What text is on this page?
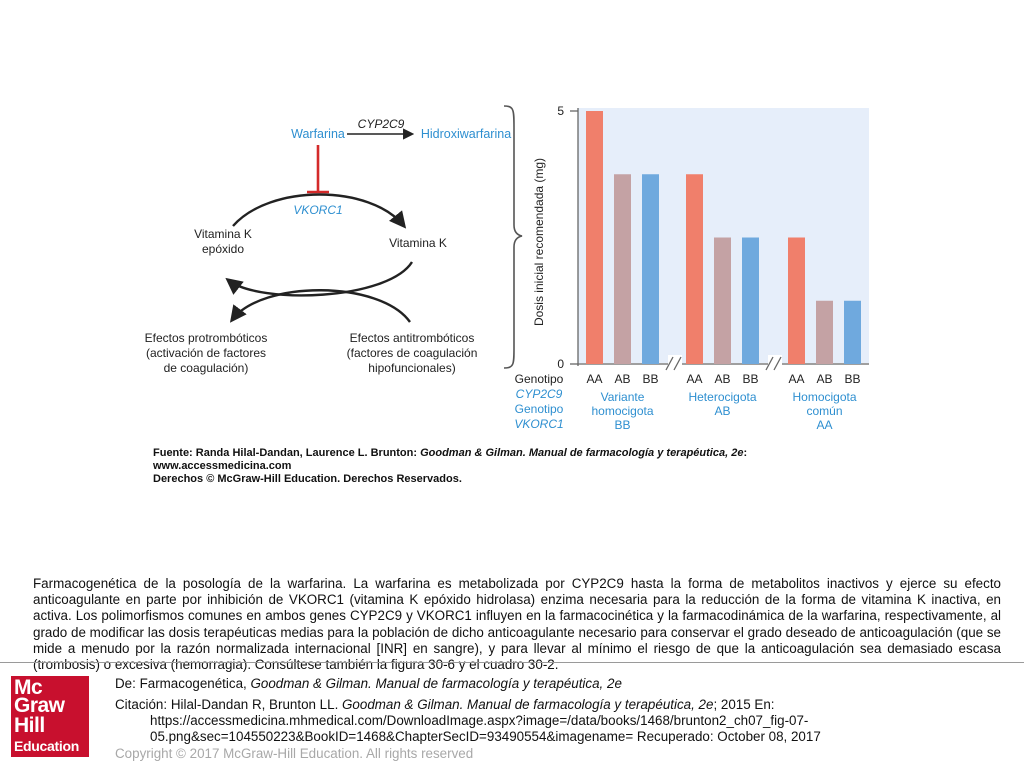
Warfarina
CYP2C9
Hidroxiwarfarina
VKORC1
Vitamina K
epóxido	Vitamina K
Efectos protrombóticos
(activación de factores
de coagulación)
Efectos antitrombóticos
(factores de coagulación
hipofuncionales)
5
0
Dosis inicial recomendada (mg)
Genotipo
CYP2C9
Genotipo
VKORC1
AA AB BB
Variante
homocigota
BB
AA AB BB
Heterocigota
AB
AA AB BB
Homocigota
común
AA
Fuente: Randa Hilal-Dandan, Laurence L. Brunton: Goodman & Gilman. Manual de farmacología y terapéutica, 2e:
www.accessmedicina.com
Derechos © McGraw-Hill Education. Derechos Reservados.
Farmacogenética de la posología de la warfarina. La warfarina es metabolizada por CYP2C9 hasta la forma de metabolitos inactivos y ejerce su efecto anticoagulante en parte por inhibición de VKORC1 (vitamina K epóxido hidrolasa) enzima necesaria para la reducción de la forma de vitamina K inactiva, en activa. Los polimorfismos comunes en ambos genes CYP2C9 y VKORC1 influyen en la farmacocinética y la farmacodinámica de la warfarina, respectivamente, al grado de modificar las dosis terapéuticas medias para la población de dicho anticoagulante necesario para conservar el grado deseado de anticoagulación (que se mide a menudo por la razón normalizada internacional [INR] en sangre), y para llevar al mínimo el riesgo de que la anticoagulación sea demasiado escasa (trombosis) o excesiva (hemorragia). Consúltese también la figura 30-6 y el cuadro 30-2.
Mc
Graw
Hill
Education
De: Farmacogenética, Goodman & Gilman. Manual de farmacología y terapéutica, 2e
Citación: Hilal-Dandan R, Brunton LL. Goodman & Gilman. Manual de farmacología y terapéutica, 2e; 2015 En:
https://accessmedicina.mhmedical.com/DownloadImage.aspx?image=/data/books/1468/brunton2_ch07_fig-07-
05.png&sec=104550223&BookID=1468&ChapterSecID=93490554&imagename= Recuperado: October 08, 2017
Copyright © 2017 McGraw-Hill Education. All rights reserved
